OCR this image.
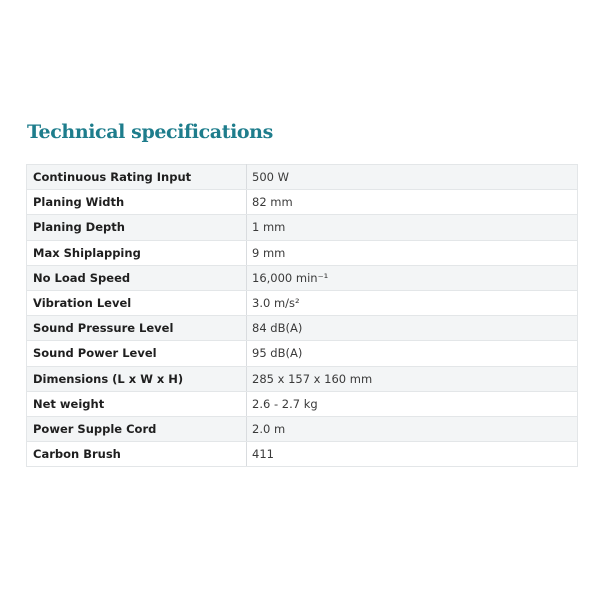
Technical specifications
Continuous Rating Input	500 W
Planing Width	82 mm
Planing Depth	1 mm
Max Shiplapping	9 mm
No Load Speed	16,000 min⁻¹
Vibration Level	3.0 m/s²
Sound Pressure Level	84 dB(A)
Sound Power Level	95 dB(A)
Dimensions (L x W x H)	285 x 157 x 160 mm
Net weight	2.6 - 2.7 kg
Power Supple Cord	2.0 m
Carbon Brush	411
